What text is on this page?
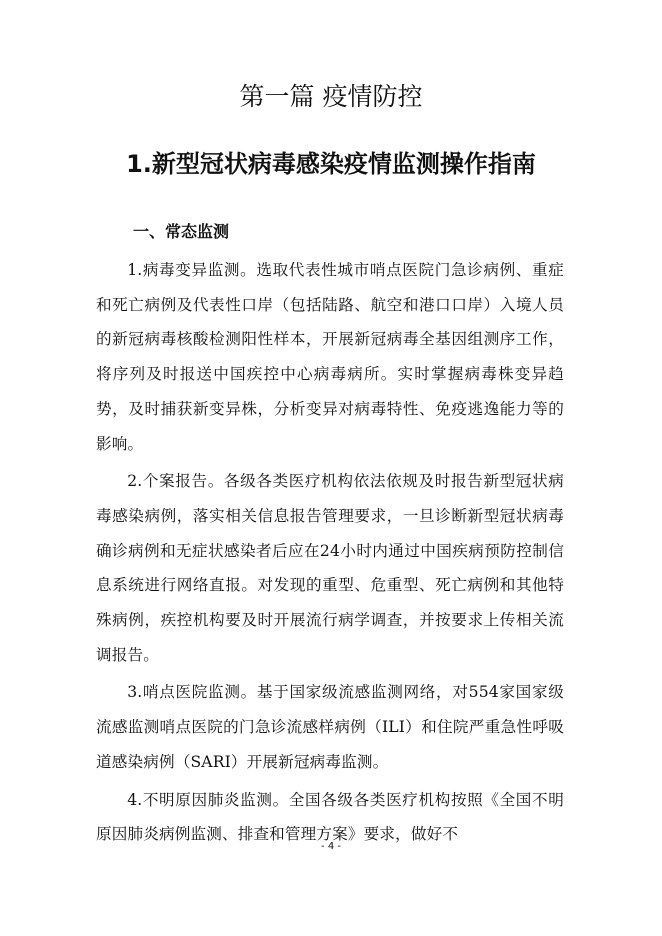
第一篇 疫情防控
1.新型冠状病毒感染疫情监测操作指南
一、常态监测

1.病毒变异监测。选取代表性城市哨点医院门急诊病例、重症和死亡病例及代表性口岸（包括陆路、航空和港口口岸）入境人员的新冠病毒核酸检测阳性样本，开展新冠病毒全基因组测序工作，将序列及时报送中国疾控中心病毒病所。实时掌握病毒株变异趋势，及时捕获新变异株，分析变异对病毒特性、免疫逃逸能力等的影响。

2.个案报告。各级各类医疗机构依法依规及时报告新型冠状病毒感染病例，落实相关信息报告管理要求，一旦诊断新型冠状病毒确诊病例和无症状感染者后应在24小时内通过中国疾病预防控制信息系统进行网络直报。对发现的重型、危重型、死亡病例和其他特殊病例，疾控机构要及时开展流行病学调查，并按要求上传相关流调报告。

3.哨点医院监测。基于国家级流感监测网络，对554家国家级流感监测哨点医院的门急诊流感样病例（ILI）和住院严重急性呼吸道感染病例（SARI）开展新冠病毒监测。

4.不明原因肺炎监测。全国各级各类医疗机构按照《全国不明原因肺炎病例监测、排查和管理方案》要求，做好不

- 4 -
